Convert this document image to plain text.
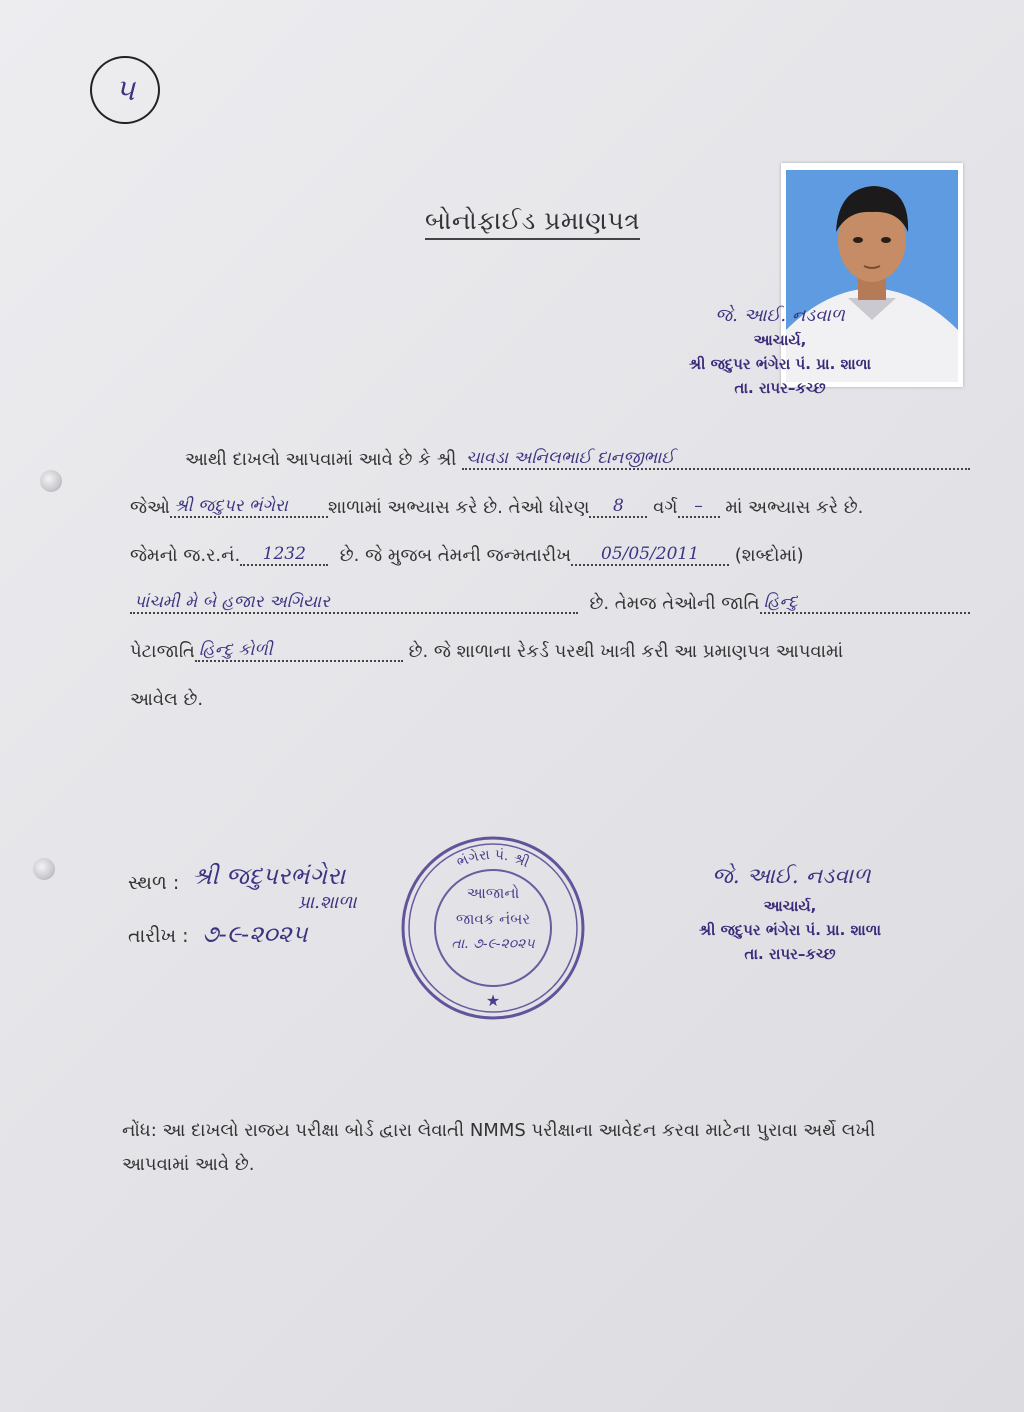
૫
બોનોફાઈડ પ્રમાણપત્ર
જે. આઈ. નડવાળ
આચાર્ય,
શ્રી જદુપર ભંગેરા પં. પ્રા. શાળા
તા. રાપર–કચ્છ
આથી દાખલો આપવામાં આવે છે કે શ્રી
ચાવડા અનિલભાઈ દાનજીભાઈ
જેઓ શ્રી જદુપર ભંગેરા	શાળામાં અભ્યાસ કરે છે. તેઓ ધોરણ	8
	વર્ગ –
	માં અભ્યાસ કરે છે.
જેમનો જ.ર.નં.	1232
	છે. જે મુજબ તેમની જન્મતારીખ	05/05/2011
	(શબ્દોમાં)
પાંચમી મે બે હજાર અગિયાર
	છે. તેમજ તેઓની જાતિ હિન્દુ
પેટાજાતિ હિન્દુ કોળી
	છે. જે શાળાના રેકર્ડ પરથી ખાત્રી કરી આ પ્રમાણપત્ર આપવામાં
આવેલ છે.
સ્થળ : શ્રી જદુપરભંગેરા
પ્રા.શાળા
તારીખ : ૭-૯-૨૦૨૫
ભંગેરા પં. શ્રી
આજાનો
જાવક નંબર
તા. ૭-૯-૨૦૨૫
★
જે. આઈ. નડવાળ
આચાર્ય,
શ્રી જદુપર ભંગેરા પં. પ્રા. શાળા
તા. રાપર–કચ્છ
નોંધ: આ દાખલો રાજય પરીક્ષા બોર્ડ દ્વારા લેવાતી NMMS પરીક્ષાના આવેદન કરવા માટેના પુરાવા અર્થે લખી આપવામાં આવે છે.
